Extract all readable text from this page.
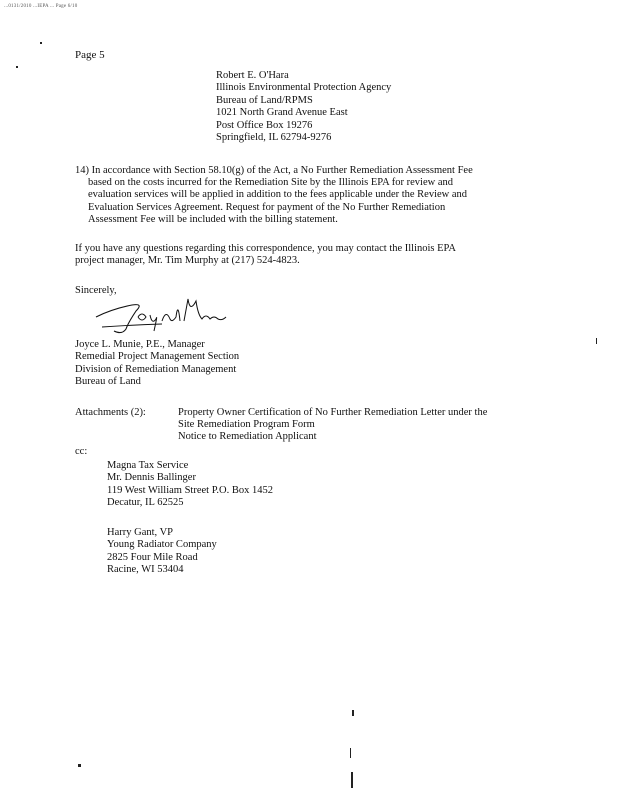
...0131/2010 ...IEPA ... Page 6/10
Page 5
Robert E. O'Hara
Illinois Environmental Protection Agency
Bureau of Land/RPMS
1021 North Grand Avenue East
Post Office Box 19276
Springfield, IL 62794-9276
14) In accordance with Section 58.10(g) of the Act, a No Further Remediation Assessment Fee
based on the costs incurred for the Remediation Site by the Illinois EPA for review and
evaluation services will be applied in addition to the fees applicable under the Review and
Evaluation Services Agreement. Request for payment of the No Further Remediation
Assessment Fee will be included with the billing statement.
If you have any questions regarding this correspondence, you may contact the Illinois EPA
project manager, Mr. Tim Murphy at (217) 524-4823.
Sincerely,
Joyce L. Munie, P.E., Manager
Remedial Project Management Section
Division of Remediation Management
Bureau of Land
Attachments (2):	Property Owner Certification of No Further Remediation Letter under the
Site Remediation Program Form
Notice to Remediation Applicant
cc:
Magna Tax Service
Mr. Dennis Ballinger
119 West William Street P.O. Box 1452
Decatur, IL 62525
Harry Gant, VP
Young Radiator Company
2825 Four Mile Road
Racine, WI 53404
